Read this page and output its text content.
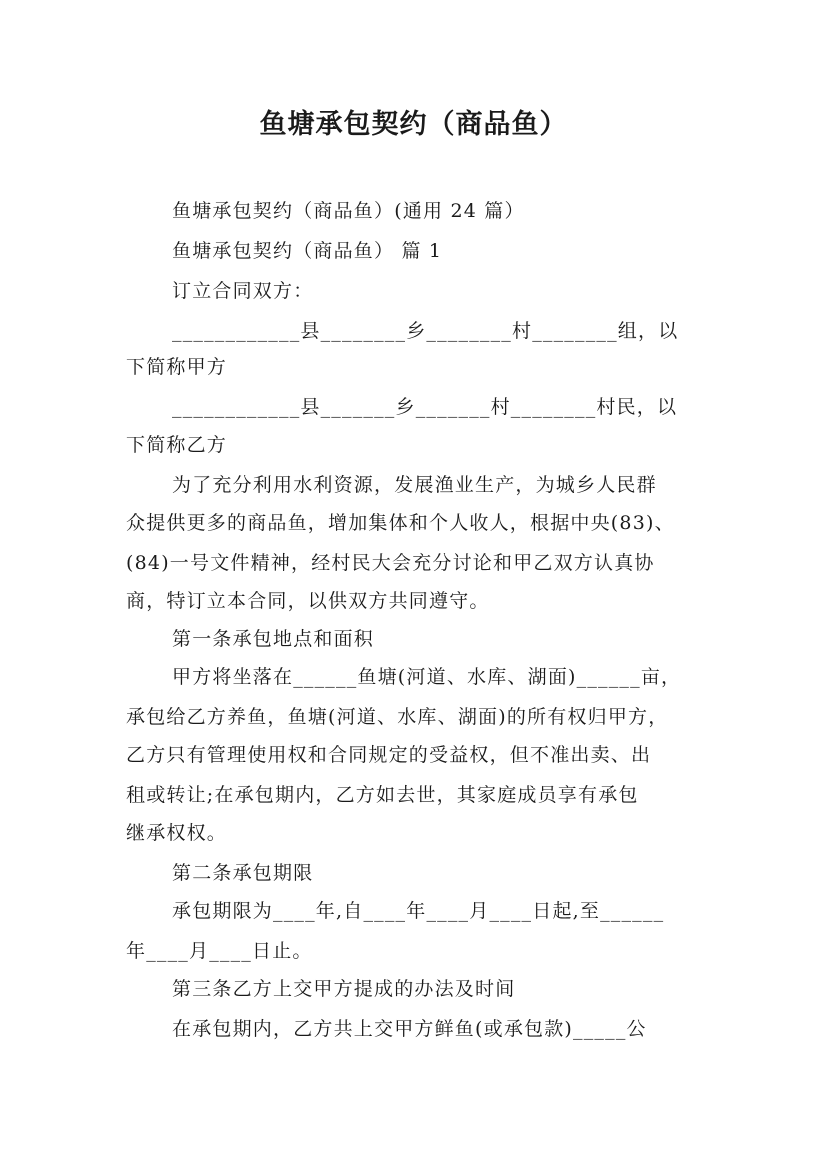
鱼塘承包契约（商品鱼）
鱼塘承包契约（商品鱼）(通用 24 篇）
鱼塘承包契约（商品鱼） 篇 1
订立合同双方：
____________县________乡________村________组，以
下简称甲方
____________县_______乡_______村________村民，以
下简称乙方
为了充分利用水利资源，发展渔业生产，为城乡人民群
众提供更多的商品鱼，增加集体和个人收人，根据中央(83)、
(84)一号文件精神，经村民大会充分讨论和甲乙双方认真协
商，特订立本合同，以供双方共同遵守。
第一条承包地点和面积
甲方将坐落在______鱼塘(河道、水库、湖面)______亩，
承包给乙方养鱼，鱼塘(河道、水库、湖面)的所有权归甲方，
乙方只有管理使用权和合同规定的受益权，但不准出卖、出
租或转让;在承包期内，乙方如去世，其家庭成员享有承包
继承权权。
第二条承包期限
承包期限为____年,自____年____月____日起,至______
年____月____日止。
第三条乙方上交甲方提成的办法及时间
在承包期内，乙方共上交甲方鲜鱼(或承包款)_____公
